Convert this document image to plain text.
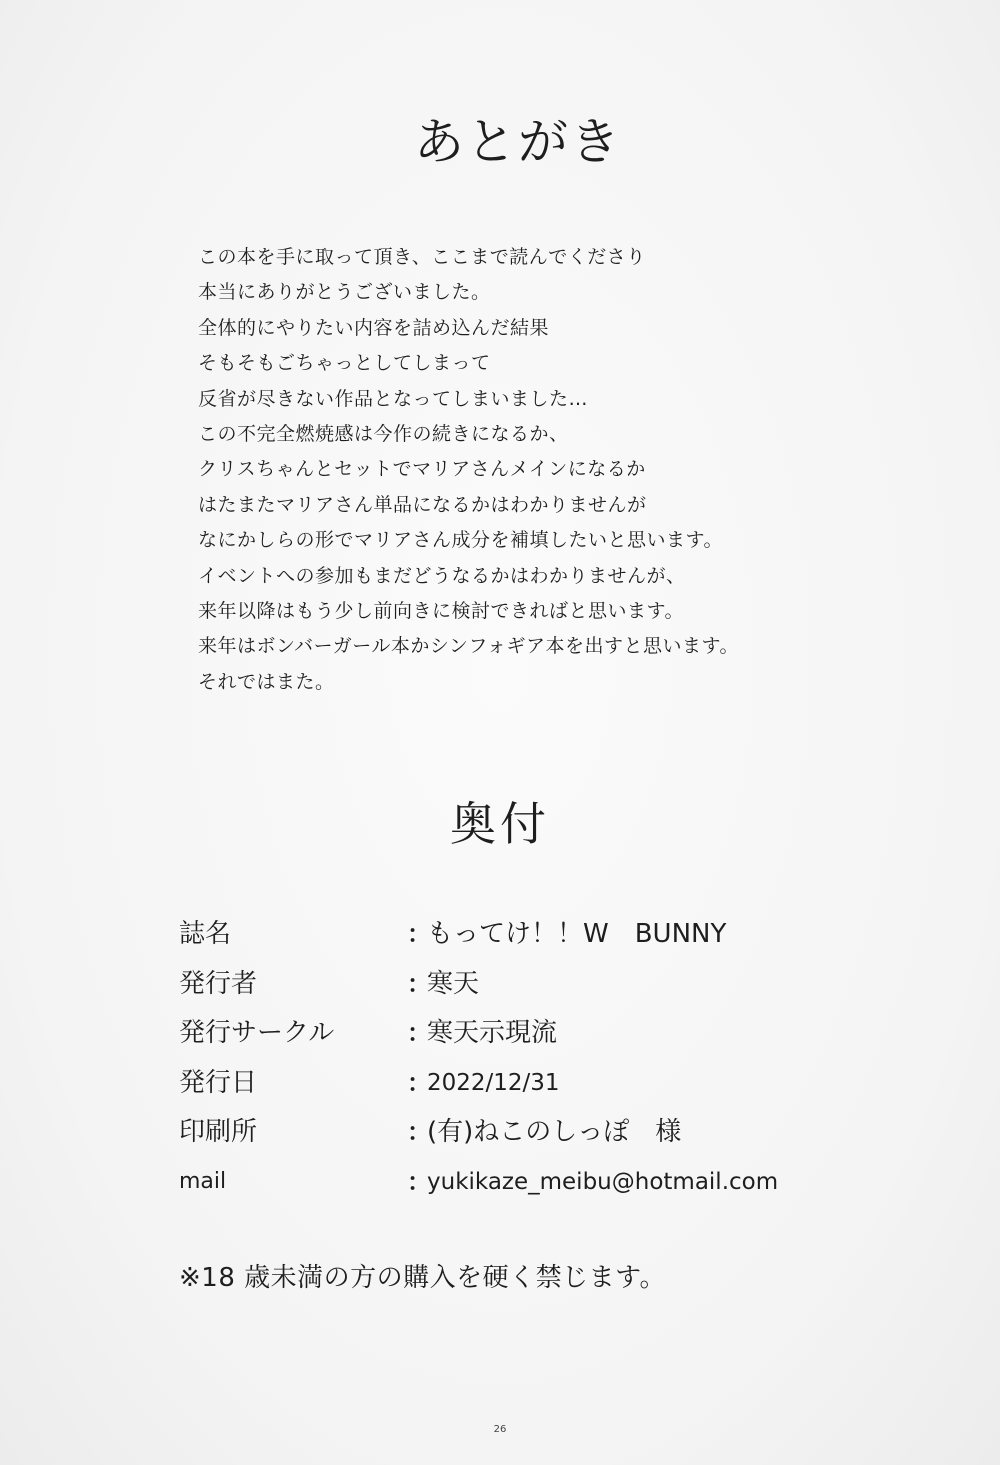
あとがき
この本を手に取って頂き、ここまで読んでくださり
本当にありがとうございました。
全体的にやりたい内容を詰め込んだ結果
そもそもごちゃっとしてしまって
反省が尽きない作品となってしまいました…
この不完全燃焼感は今作の続きになるか、
クリスちゃんとセットでマリアさんメインになるか
はたまたマリアさん単品になるかはわかりませんが
なにかしらの形でマリアさん成分を補填したいと思います。
イベントへの参加もまだどうなるかはわかりませんが、
来年以降はもう少し前向きに検討できればと思います。
来年はボンバーガール本かシンフォギア本を出すと思います。
それではまた。
奥付
誌名	：
もってけ！！W　BUNNY
発行者	：
寒天
発行サークル	：
寒天示現流
発行日	：
2022/12/31
印刷所	：
(有)ねこのしっぽ　様
mail	：
yukikaze_meibu@hotmail.com
※18 歳未満の方の購入を硬く禁じます。
26
